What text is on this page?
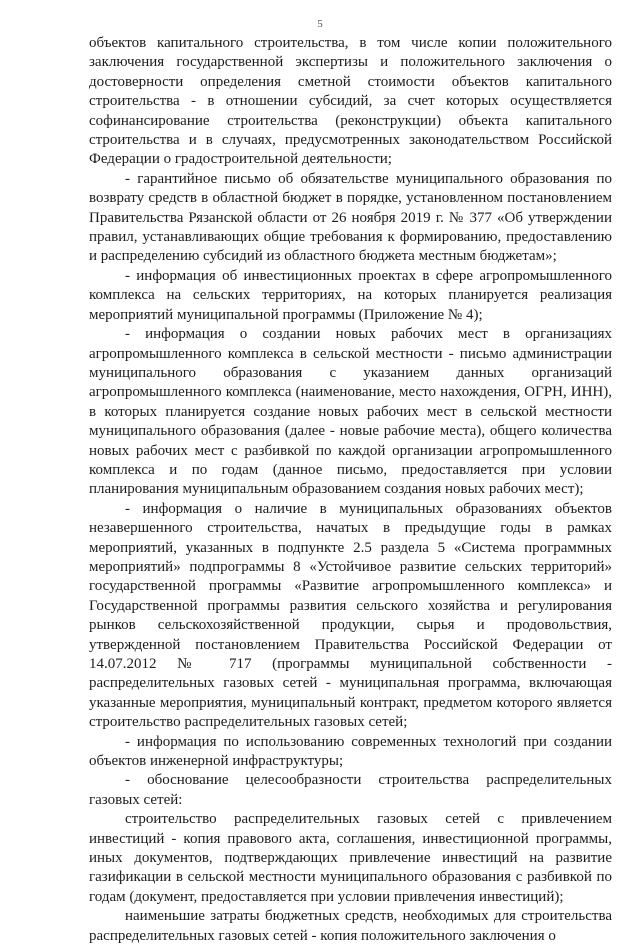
5

объектов капитального строительства, в том числе копии положительного заключения государственной экспертизы и положительного заключения о достоверности определения сметной стоимости объектов капитального строительства - в отношении субсидий, за счет которых осуществляется софинансирование строительства (реконструкции) объекта капитального строительства и в случаях, предусмотренных законодательством Российской Федерации о градостроительной деятельности;

- гарантийное письмо об обязательстве муниципального образования по возврату средств в областной бюджет в порядке, установленном постановлением Правительства Рязанской области от 26 ноября 2019 г. № 377 «Об утверждении правил, устанавливающих общие требования к формированию, предоставлению и распределению субсидий из областного бюджета местным бюджетам»;

- информация об инвестиционных проектах в сфере агропромышленного комплекса на сельских территориях, на которых планируется реализация мероприятий муниципальной программы (Приложение № 4);

- информация о создании новых рабочих мест в организациях агропромышленного комплекса в сельской местности - письмо администрации муниципального образования с указанием данных организаций агропромышленного комплекса (наименование, место нахождения, ОГРН, ИНН), в которых планируется создание новых рабочих мест в сельской местности муниципального образования (далее - новые рабочие места), общего количества новых рабочих мест с разбивкой по каждой организации агропромышленного комплекса и по годам (данное письмо, предоставляется при условии планирования муниципальным образованием создания новых рабочих мест);

- информация о наличие в муниципальных образованиях объектов незавершенного строительства, начатых в предыдущие годы в рамках мероприятий, указанных в подпункте 2.5 раздела 5 «Система программных мероприятий» подпрограммы 8 «Устойчивое развитие сельских территорий» государственной программы «Развитие агропромышленного комплекса» и Государственной программы развития сельского хозяйства и регулирования рынков сельскохозяйственной продукции, сырья и продовольствия, утвержденной постановлением Правительства Российской Федерации от 14.07.2012 № 717 (программы муниципальной собственности - распределительных газовых сетей - муниципальная программа, включающая указанные мероприятия, муниципальный контракт, предметом которого является строительство распределительных газовых сетей;

- информация по использованию современных технологий при создании объектов инженерной инфраструктуры;

- обоснование целесообразности строительства распределительных газовых сетей:

строительство распределительных газовых сетей с привлечением инвестиций - копия правового акта, соглашения, инвестиционной программы, иных документов, подтверждающих привлечение инвестиций на развитие газификации в сельской местности муниципального образования с разбивкой по годам (документ, предоставляется при условии привлечения инвестиций);

наименьшие затраты бюджетных средств, необходимых для строительства распределительных газовых сетей - копия положительного заключения о
